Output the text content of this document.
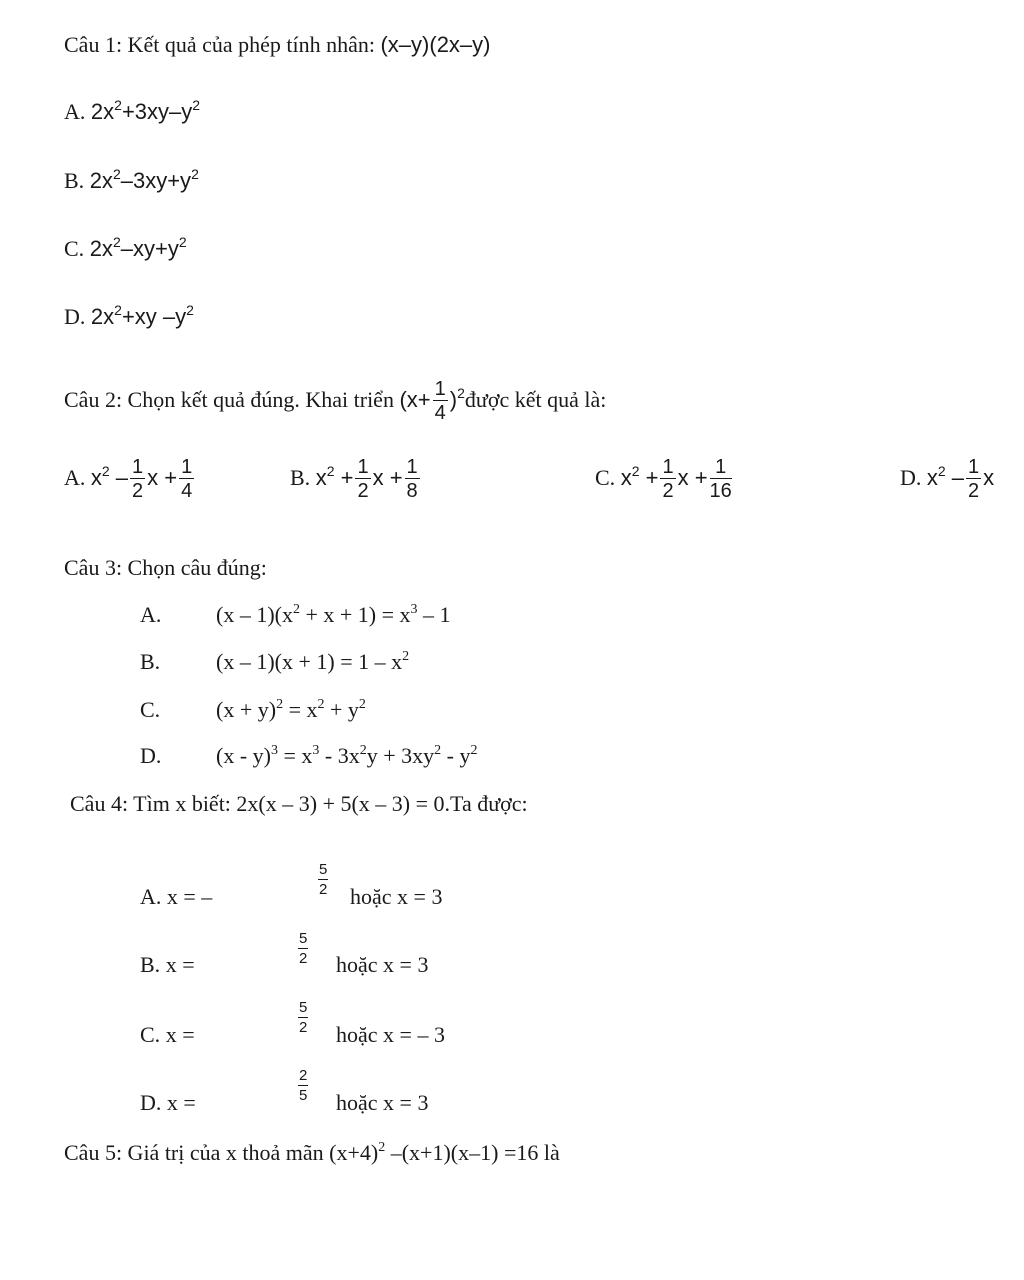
Câu 1: Kết quả của phép tính nhân: (x–y)(2x–y)
A. $2x^2+3xy-y^2$
B. $2x^2-3xy+y^2$
C. $2x^2-xy+y^2$
D. $2x^2+xy$ $-y^2$
Câu 2: Chọn kết quả đúng. Khai triển ($x+ \frac{1}{4}$ )$^2được$ kết quả là:
A. $x^2 - \frac{1}{2}$ $x + \frac{1}{4}$	B. $x^2 + \frac{1}{2}$ $x + \frac{1}{8}$	C. $x^2 + \frac{1}{2}$ $x + \frac{1}{16}$	D. $x^2 - \frac{1}{2}$ x
Câu 3: Chọn câu đúng:
A. $(x - 1)(x^2 + x + 1) = x^3 - 1$
B.	$(x - 1)(x + 1) = 1 - x^2$
C.	$(x + y)^2 = x^2 + y^2$
D. $(x - y)^3 = x^3 - 3x^2y + 3xy^2 - y^2$
Câu 4: Tìm x biết: 2x(x – 3) + 5(x – 3) = 0.Ta được:
A. x = –	$\frac{5}{2}$ hoặc x = 3
B. x =	$\frac{5}{2}$ hoặc x = 3
C. x =	$\frac{5}{2}$ hoặc x = – 3
D. x =	$\frac{2}{5}$ hoặc x = 3
Câu 5: Giá trị của x thoả mãn $(x+4)^2$ –(x+1)(x–1) =16 là
